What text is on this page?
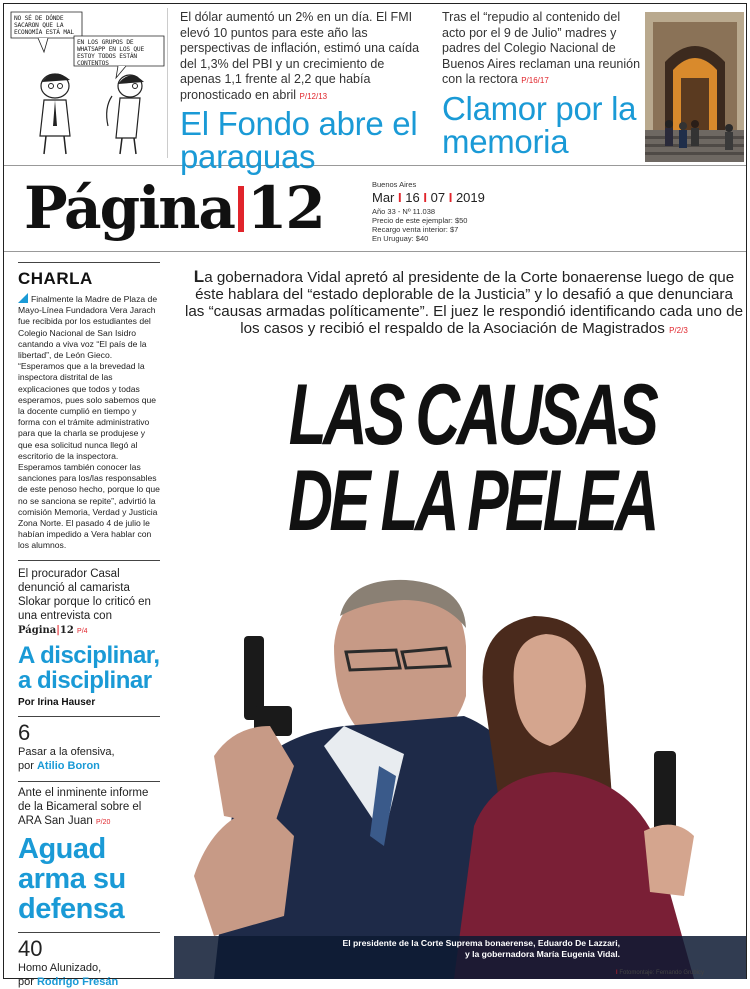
NO SÉ DE DÓNDE SACARON QUE LA ECONOMÍA ESTÁ MAL
EN LOS GRUPOS DE WHATSAPP EN LOS QUE ESTOY TODOS ESTÁN CONTENTOS

El dólar aumentó un 2% en un día. El FMI elevó 10 puntos para este año las perspectivas de inflación, estimó una caída del 1,3% del PBI y un crecimiento de apenas 1,1 frente al 2,2 que había pronosticado en abril P/12/13

El Fondo abre el paraguas

Tras el “repudio al contenido del acto por el 9 de Julio” madres y padres del Colegio Nacional de Buenos Aires reclaman una reunión con la rectora P/16/17

Clamor por la memoria
Página 12	Buenos Aires
Mar I 16 I 07 I 2019
Año 33 - Nº 11.038
Precio de este ejemplar: $50
Recargo venta interior: $7
En Uruguay: $40
CHARLA

Finalmente la Madre de Plaza de Mayo-Línea Fundadora Vera Jarach fue recibida por los estudiantes del Colegio Nacional de San Isidro cantando a viva voz “El país de la libertad”, de León Gieco. “Esperamos que a la brevedad la inspectora distrital de las explicaciones que todos y todas esperamos, pues solo sabemos que la docente cumplió en tiempo y forma con el trámite administrativo para que la charla se produjese y que esa solicitud nunca llegó al escritorio de la inspectora. Esperamos también conocer las sanciones para los/las responsables de este penoso hecho, porque lo que no se sanciona se repite”, advirtió la comisión Memoria, Verdad y Justicia Zona Norte. El pasado 4 de julio le habían impedido a Vera hablar con los alumnos.

El procurador Casal denunció al camarista Slokar porque lo criticó en una entrevista con Página|12 P/4

A disciplinar, a disciplinar

Por Irina Hauser

6

Pasar a la ofensiva,

por Atilio Boron

Ante el inminente informe de la Bicameral sobre el ARA San Juan P/20

Aguad arma su defensa
40

Homo Alunizado,

por Rodrigo Fresán

La gobernadora Vidal apretó al presidente de la Corte bonaerense luego de que éste hablara del “estado deplorable de la Justicia” y lo desafió a que denunciara las “causas armadas políticamente”. El juez le respondió identificando cada uno de los casos y recibió el respaldo de la Asociación de Magistrados P/2/3

LAS CAUSAS
DE LA PELEA
El presidente de la Corte Suprema bonaerense, Eduardo De Lazzari,
y la gobernadora María Eugenia Vidal.
I Fotomontaje: Fernando Grubicy
